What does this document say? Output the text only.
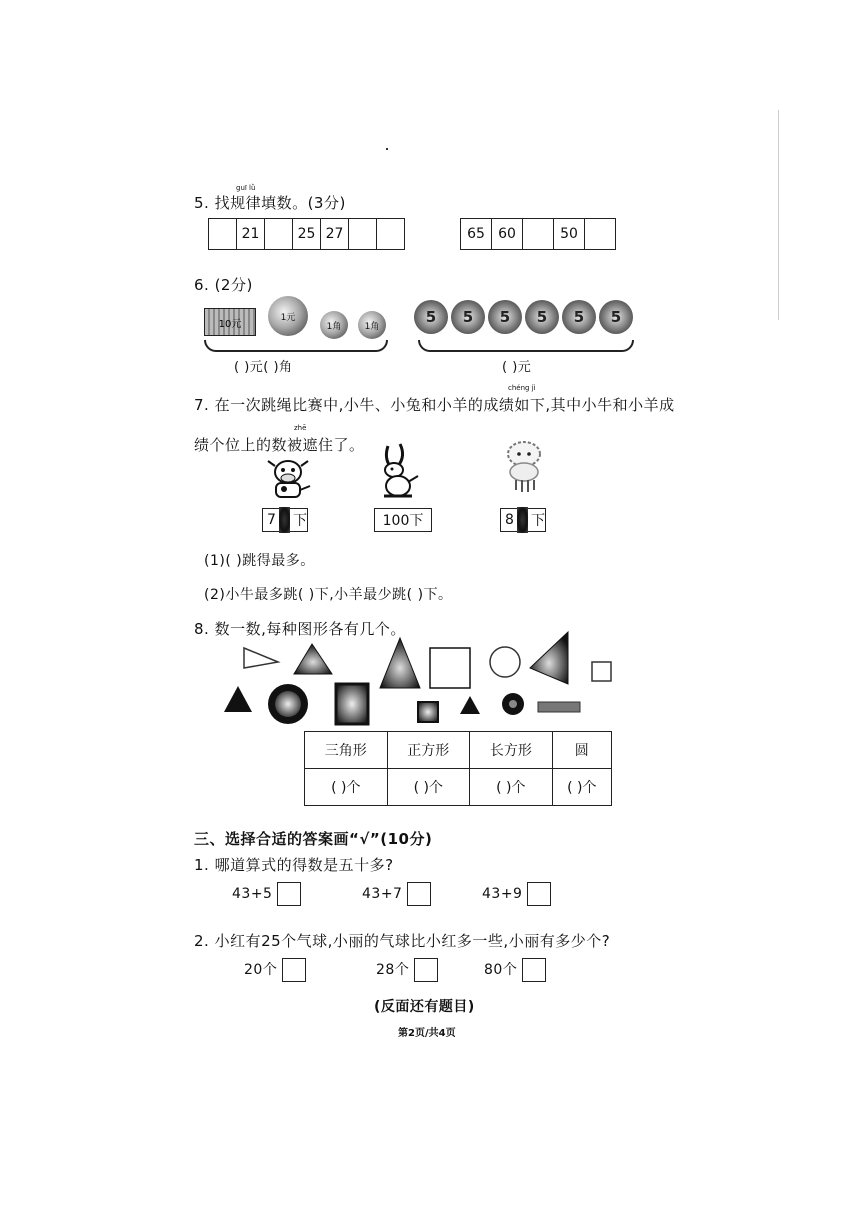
guī lǜ
5. 找规律填数。(3分)
21	25 27	65 60	50
6. (2分)
10元
1元
1角	1角
( )元( )角
5 5 5 5 5 5
( )元
chéng jì
7. 在一次跳绳比赛中,小牛、小兔和小羊的成绩如下,其中小牛和小羊成
zhē
绩个位上的数被遮住了。
7 下	100下	8 下
(1)( )跳得最多。
(2)小牛最多跳( )下,小羊最少跳( )下。
8. 数一数,每种图形各有几个。
三角形	正方形	长方形	圆
( )个	( )个	( )个	( )个
三、选择合适的答案画“√”(10分)
1. 哪道算式的得数是五十多?
43+5	43+7	43+9
2. 小红有25个气球,小丽的气球比小红多一些,小丽有多少个?
20个	28个	80个
(反面还有题目)
第2页/共4页
